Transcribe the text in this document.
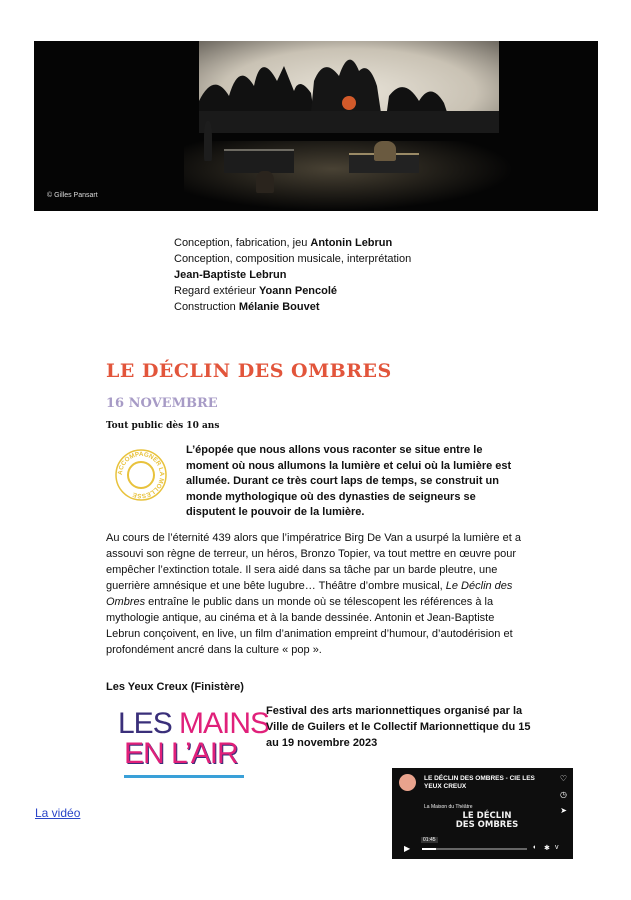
© Gilles Pansart
Conception, fabrication, jeu Antonin Lebrun
Conception, composition musicale, interprétation
Jean-Baptiste Lebrun
Regard extérieur Yoann Pencolé
Construction Mélanie Bouvet
LE DÉCLIN DES OMBRES
16 NOVEMBRE
Tout public dès 10 ans
ACCOMPAGNER LA MOLLESSE

L’épopée que nous allons vous raconter se situe entre le moment où nous allumons la lumière et celui où la lumière est allumée. Durant ce très court laps de temps, se construit un monde mythologique où des dynasties de seigneurs se disputent le pouvoir de la lumière.

Au cours de l’éternité 439 alors que l’impératrice Birg De Van a usurpé la lumière et a assouvi son règne de terreur, un héros, Bronzo Topier, va tout mettre en œuvre pour empêcher l’extinction totale. Il sera aidé dans sa tâche par un barde pleutre, une guerrière amnésique et une bête lugubre… Théâtre d’ombre musical, Le Déclin des Ombres entraîne le public dans un monde où se télescopent les références à la mythologie antique, au cinéma et à la bande dessinée. Antonin et Jean-Baptiste Lebrun conçoivent, en live, un film d’animation empreint d’humour, d’autodérision et profondément ancré dans la culture « pop ».

Les Yeux Creux (Finistère)
LES MAINS
EN L’AIR

Festival des arts marionnettiques organisé par la Ville de Guilers et le Collectif Marionnettique du 15 au 19 novembre 2023

La vidéo
LE DÉCLIN DES OMBRES - CIE LES YEUX CREUX
La Maison du Théâtre
LE DÉCLIN
DES OMBRES
♡
◷
➤
01:45
▶	◖ ✱ v
